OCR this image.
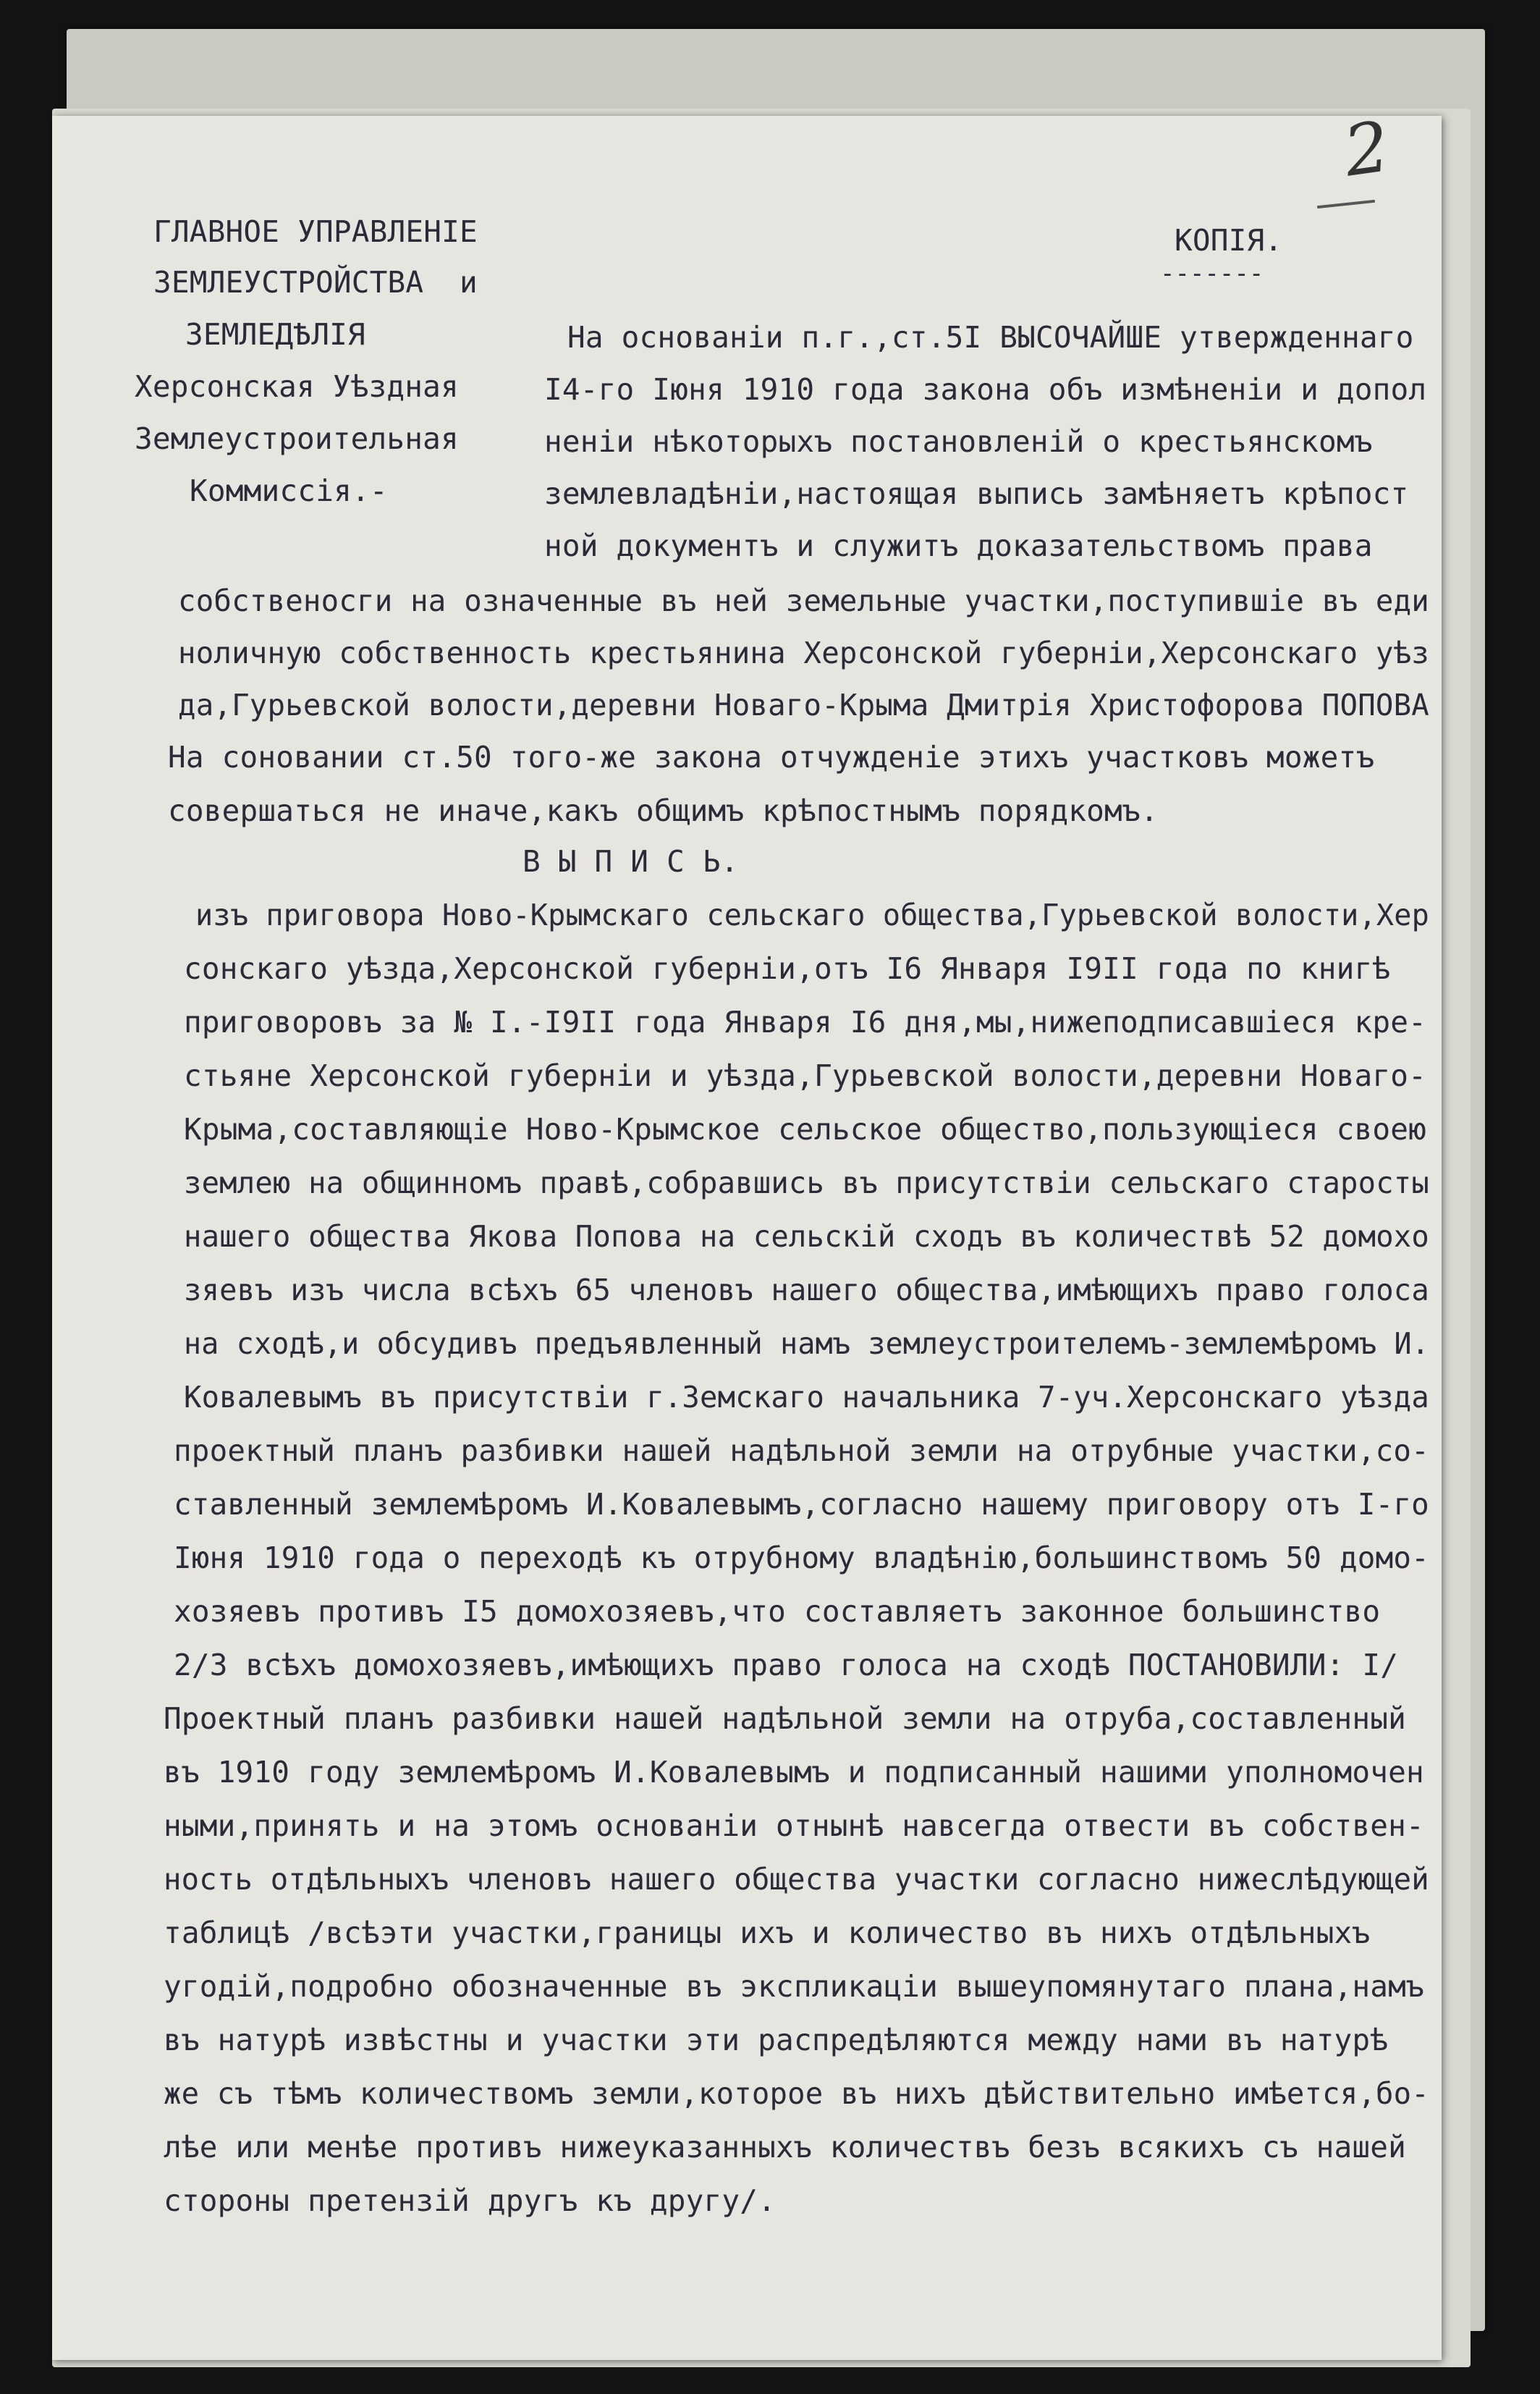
2
ГЛАВНОЕ УПРАВЛЕНІЕ
ЗЕМЛЕУСТРОЙСТВА  и
ЗЕМЛЕДѢЛІЯ
Херсонская Уѣздная
Землеустроительная
Коммиссія.-
КОПІЯ.
-------
На основаніи п.г.,ст.5I ВЫСОЧАЙШЕ утвержденнаго
I4-го Іюня 1910 года закона объ измѣненіи и допол
неніи нѣкоторыхъ постановленій о крестьянскомъ
землевладѣніи,настоящая выпись замѣняетъ крѣпост
ной документъ и служитъ доказательствомъ права
собственосги на означенные въ ней земельные участки,поступившіе въ еди
ноличную собственность крестьянина Херсонской губерніи,Херсонскаго уѣз
да,Гурьевской волости,деревни Новаго-Крыма Дмитрія Христофорова ПОПОВА
На соновании ст.50 того-же закона отчужденіе этихъ участковъ можетъ
совершаться не иначе,какъ общимъ крѣпостнымъ порядкомъ.
В Ы П И С Ь.
изъ приговора Ново-Крымскаго сельскаго общества,Гурьевской волости,Хер
сонскаго уѣзда,Херсонской губерніи,отъ I6 Января I9II года по книгѣ
приговоровъ за № I.-I9II года Января I6 дня,мы,нижеподписавшіеся кре-
стьяне Херсонской губерніи и уѣзда,Гурьевской волости,деревни Новаго-
Крыма,составляющіе Ново-Крымское сельское общество,пользующіеся своею
землею на общинномъ правѣ,собравшись въ присутствіи сельскаго старосты
нашего общества Якова Попова на сельскій сходъ въ количествѣ 52 домохо
зяевъ изъ числа всѣхъ 65 членовъ нашего общества,имѣющихъ право голоса
на сходѣ,и обсудивъ предъявленный намъ землеустроителемъ-землемѣромъ И.
Ковалевымъ въ присутствіи г.Земскаго начальника 7-уч.Херсонскаго уѣзда
проектный планъ разбивки нашей надѣльной земли на отрубные участки,со-
ставленный землемѣромъ И.Ковалевымъ,согласно нашему приговору отъ I-го
Іюня 1910 года о переходѣ къ отрубному владѣнію,большинствомъ 50 домо-
хозяевъ противъ I5 домохозяевъ,что составляетъ законное большинство
2/3 всѣхъ домохозяевъ,имѣющихъ право голоса на сходѣ ПОСТАНОВИЛИ: I/
Проектный планъ разбивки нашей надѣльной земли на отруба,составленный
въ 1910 году землемѣромъ И.Ковалевымъ и подписанный нашими уполномочен
ными,принять и на этомъ основаніи отнынѣ навсегда отвести въ собствен-
ность отдѣльныхъ членовъ нашего общества участки согласно нижеслѣдующей
таблицѣ /всѣэти участки,границы ихъ и количество въ нихъ отдѣльныхъ
угодій,подробно обозначенные въ экспликаціи вышеупомянутаго плана,намъ
въ натурѣ извѣстны и участки эти распредѣляются между нами въ натурѣ
же съ тѣмъ количествомъ земли,которое въ нихъ дѣйствительно имѣется,бо-
лѣе или менѣе противъ нижеуказанныхъ количествъ безъ всякихъ съ нашей
стороны претензій другъ къ другу/.
